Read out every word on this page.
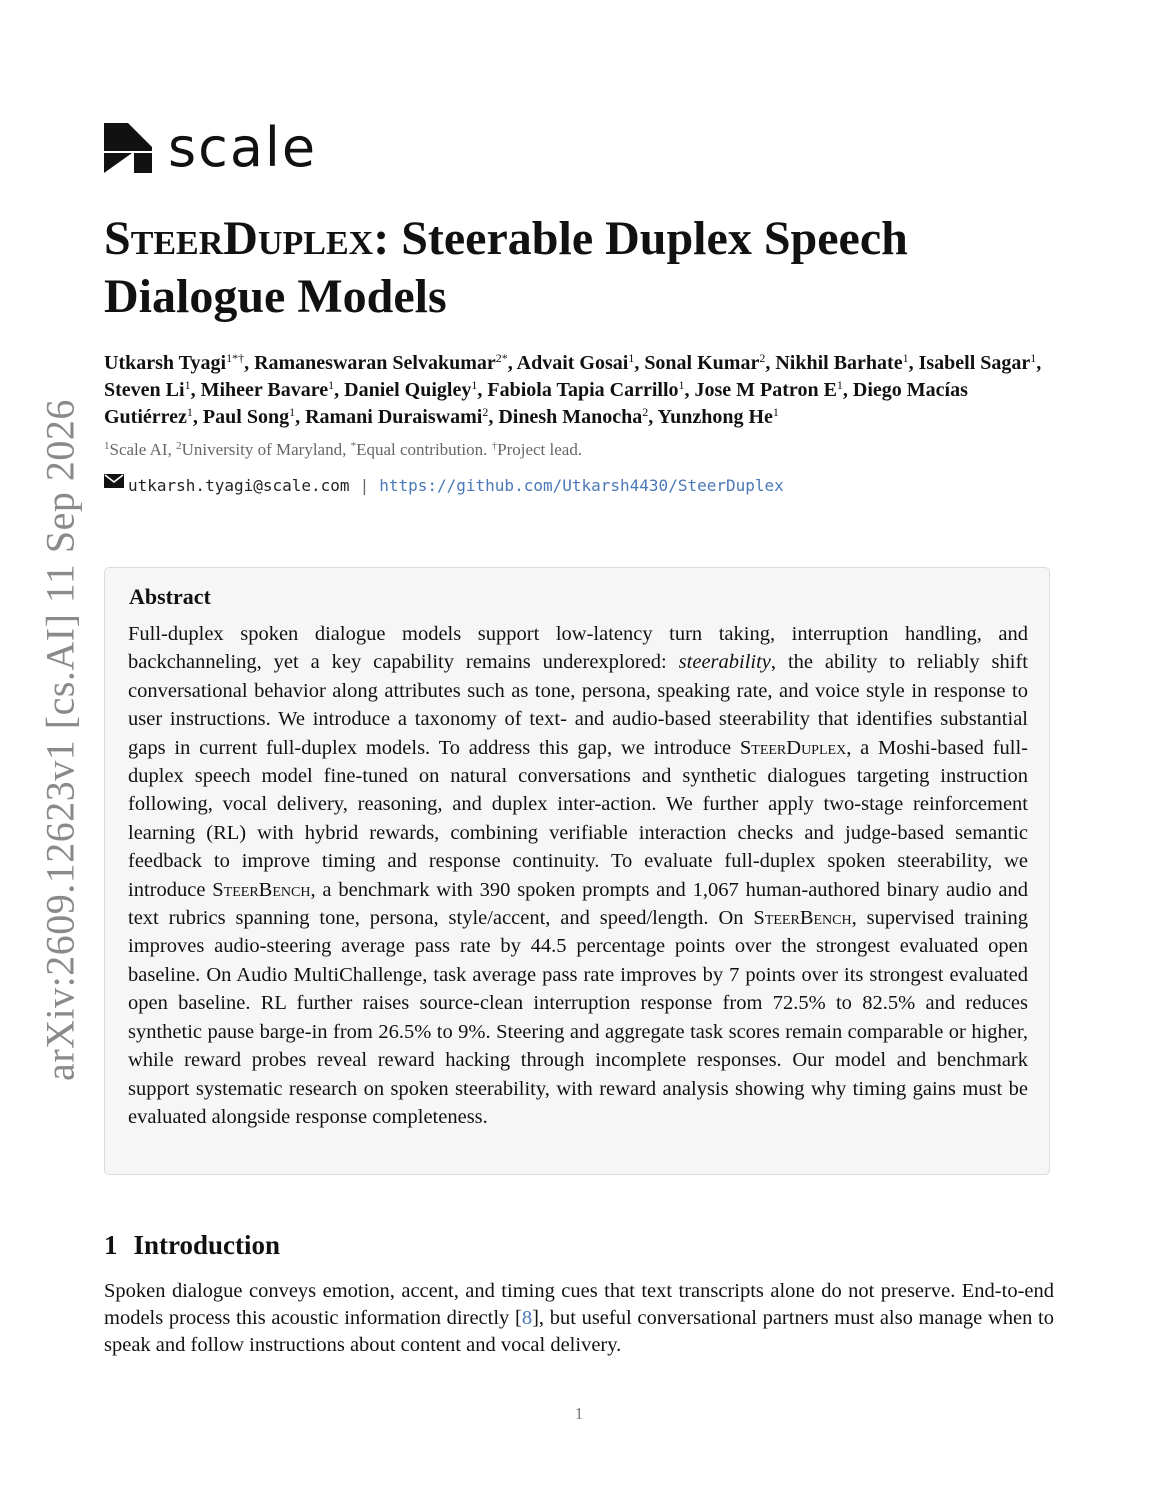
arXiv:2609.12623v1 [cs.AI] 11 Sep 2026
scale
SteerDuplex: Steerable Duplex Speech Dialogue Models
Utkarsh Tyagi$^{1*\dagger}$, Ramaneswaran Selvakumar$^{2*}$, Advait Gosai$^1$, Sonal Kumar$^2$, Nikhil Barhate$^1$, Isabell Sagar$^1$, Steven Li$^1$, Miheer Bavare$^1$, Daniel Quigley$^1$, Fabiola Tapia Carrillo$^1$, Jose M Patron $E^1$, Diego Macías Gutiérrez$^1$, Paul Song$^1$, Ramani Duraiswami$^2$, Dinesh Manocha$^2$, Yunzhong He$^1$
$^1$Scale AI, $^2$University of Maryland, *Equal contribution. †Project lead.
utkarsh.tyagi@scale.com | https://github.com/Utkarsh4430/SteerDuplex
Abstract
Full-duplex spoken dialogue models support low-latency turn taking, interruption handling, and backchanneling, yet a key capability remains underexplored: steerability, the ability to reliably shift conversational behavior along attributes such as tone, persona, speaking rate, and voice style in response to user instructions. We introduce a taxonomy of text- and audio-based steerability that identifies substantial gaps in current full-duplex models. To address this gap, we introduce SteerDuplex, a Moshi-based full-duplex speech model fine-tuned on natural conversations and synthetic dialogues targeting instruction following, vocal delivery, reasoning, and duplex inter-action. We further apply two-stage reinforcement learning (RL) with hybrid rewards, combining verifiable interaction checks and judge-based semantic feedback to improve timing and response continuity. To evaluate full-duplex spoken steerability, we introduce SteerBench, a benchmark with 390 spoken prompts and 1,067 human-authored binary audio and text rubrics spanning tone, persona, style/accent, and speed/length. On SteerBench, supervised training improves audio-steering average pass rate by 44.5 percentage points over the strongest evaluated open baseline. On Audio MultiChallenge, task average pass rate improves by 7 points over its strongest evaluated open baseline. RL further raises source-clean interruption response from 72.5% to 82.5% and reduces synthetic pause barge-in from 26.5% to 9%. Steering and aggregate task scores remain comparable or higher, while reward probes reveal reward hacking through incomplete responses. Our model and benchmark support systematic research on spoken steerability, with reward analysis showing why timing gains must be evaluated alongside response completeness.
1 Introduction
Spoken dialogue conveys emotion, accent, and timing cues that text transcripts alone do not preserve. End-to-end models process this acoustic information directly [8], but useful conversational partners must also manage when to speak and follow instructions about content and vocal delivery.
1
